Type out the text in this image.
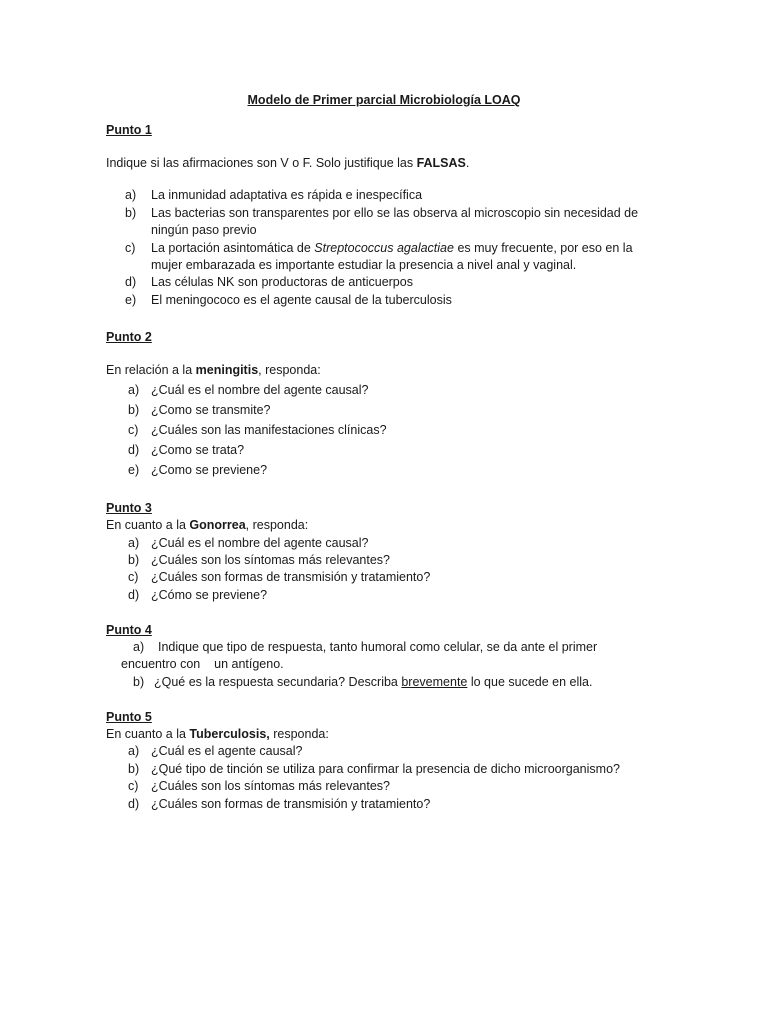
Modelo de Primer parcial Microbiología LOAQ
Punto 1
Indique si las afirmaciones son V o F. Solo justifique las FALSAS.
a) La inmunidad adaptativa es rápida e inespecífica
b) Las bacterias son transparentes por ello se las observa al microscopio sin necesidad de
ningún paso previo
c) La portación asintomática de Streptococcus agalactiae es muy frecuente, por eso en la
mujer embarazada es importante estudiar la presencia a nivel anal y vaginal.
d) Las células NK son productoras de anticuerpos
e) El meningococo es el agente causal de la tuberculosis
Punto 2
En relación a la meningitis, responda:
a) ¿Cuál es el nombre del agente causal?
b) ¿Como se transmite?
c) ¿Cuáles son las manifestaciones clínicas?
d) ¿Como se trata?
e) ¿Como se previene?
Punto 3
En cuanto a la Gonorrea, responda:
a) ¿Cuál es el nombre del agente causal?
b) ¿Cuáles son los síntomas más relevantes?
c) ¿Cuáles son formas de transmisión y tratamiento?
d) ¿Cómo se previene?
Punto 4
a) Indique que tipo de respuesta, tanto humoral como celular, se da ante el primer
encuentro con    un antígeno.
b) ¿Qué es la respuesta secundaria? Describa brevemente lo que sucede en ella.
Punto 5
En cuanto a la Tuberculosis, responda:
a) ¿Cuál es el agente causal?
b) ¿Qué tipo de tinción se utiliza para confirmar la presencia de dicho microorganismo?
c) ¿Cuáles son los síntomas más relevantes?
d) ¿Cuáles son formas de transmisión y tratamiento?
